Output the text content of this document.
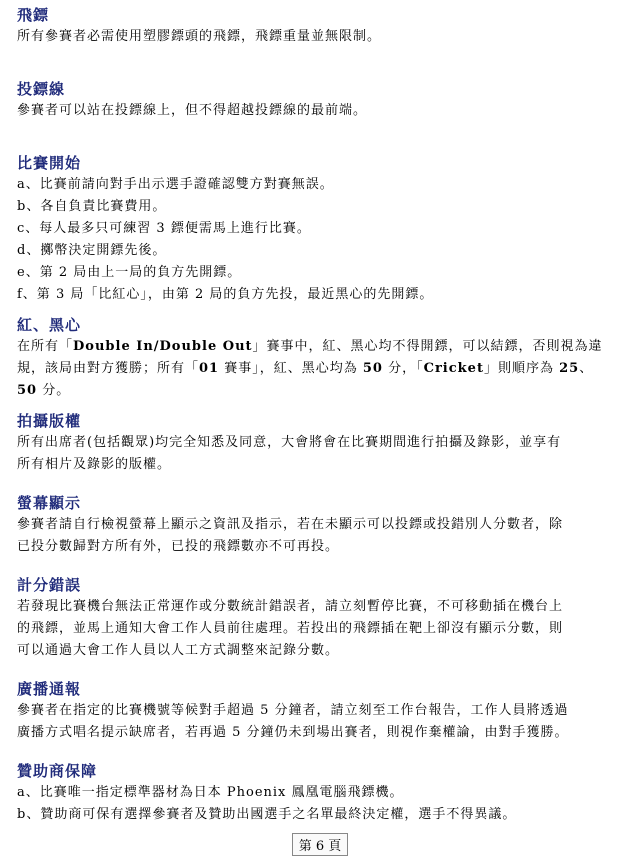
飛鏢

所有參賽者必需使用塑膠鏢頭的飛鏢，飛鏢重量並無限制。

投鏢線

參賽者可以站在投鏢線上，但不得超越投鏢線的最前端。

比賽開始

a、比賽前請向對手出示選手證確認雙方對賽無誤。

b、各自負責比賽費用。

c、每人最多只可練習 3 鏢便需馬上進行比賽。

d、擲幣決定開鏢先後。

e、第 2 局由上一局的負方先開鏢。

f、第 3 局「比紅心」，由第 2 局的負方先投，最近黑心的先開鏢。

紅、黑心

在所有「Double In/Double Out」賽事中，紅、黑心均不得開鏢，可以結鏢，否則視為違
規，該局由對方獲勝；所有「01 賽事」，紅、黑心均為 50 分，「Cricket」則順序為 25、
50 分。

拍攝版權

所有出席者(包括觀眾)均完全知悉及同意，大會將會在比賽期間進行拍攝及錄影，並享有

所有相片及錄影的版權。

螢幕顯示

參賽者請自行檢視螢幕上顯示之資訊及指示，若在未顯示可以投鏢或投錯別人分數者，除

已投分數歸對方所有外，已投的飛鏢數亦不可再投。

計分錯誤

若發現比賽機台無法正常運作或分數統計錯誤者，請立刻暫停比賽，不可移動插在機台上

的飛鏢，並馬上通知大會工作人員前往處理。若投出的飛鏢插在靶上卻沒有顯示分數，則

可以通過大會工作人員以人工方式調整來記錄分數。

廣播通報

參賽者在指定的比賽機號等候對手超過 5 分鐘者，請立刻至工作台報告，工作人員將透過

廣播方式唱名提示缺席者，若再過 5 分鐘仍未到場出賽者，則視作棄權論，由對手獲勝。

贊助商保障

a、比賽唯一指定標準器材為日本 Phoenix 鳳凰電腦飛鏢機。

b、贊助商可保有選擇參賽者及贊助出國選手之名單最終決定權，選手不得異議。

第 6 頁
